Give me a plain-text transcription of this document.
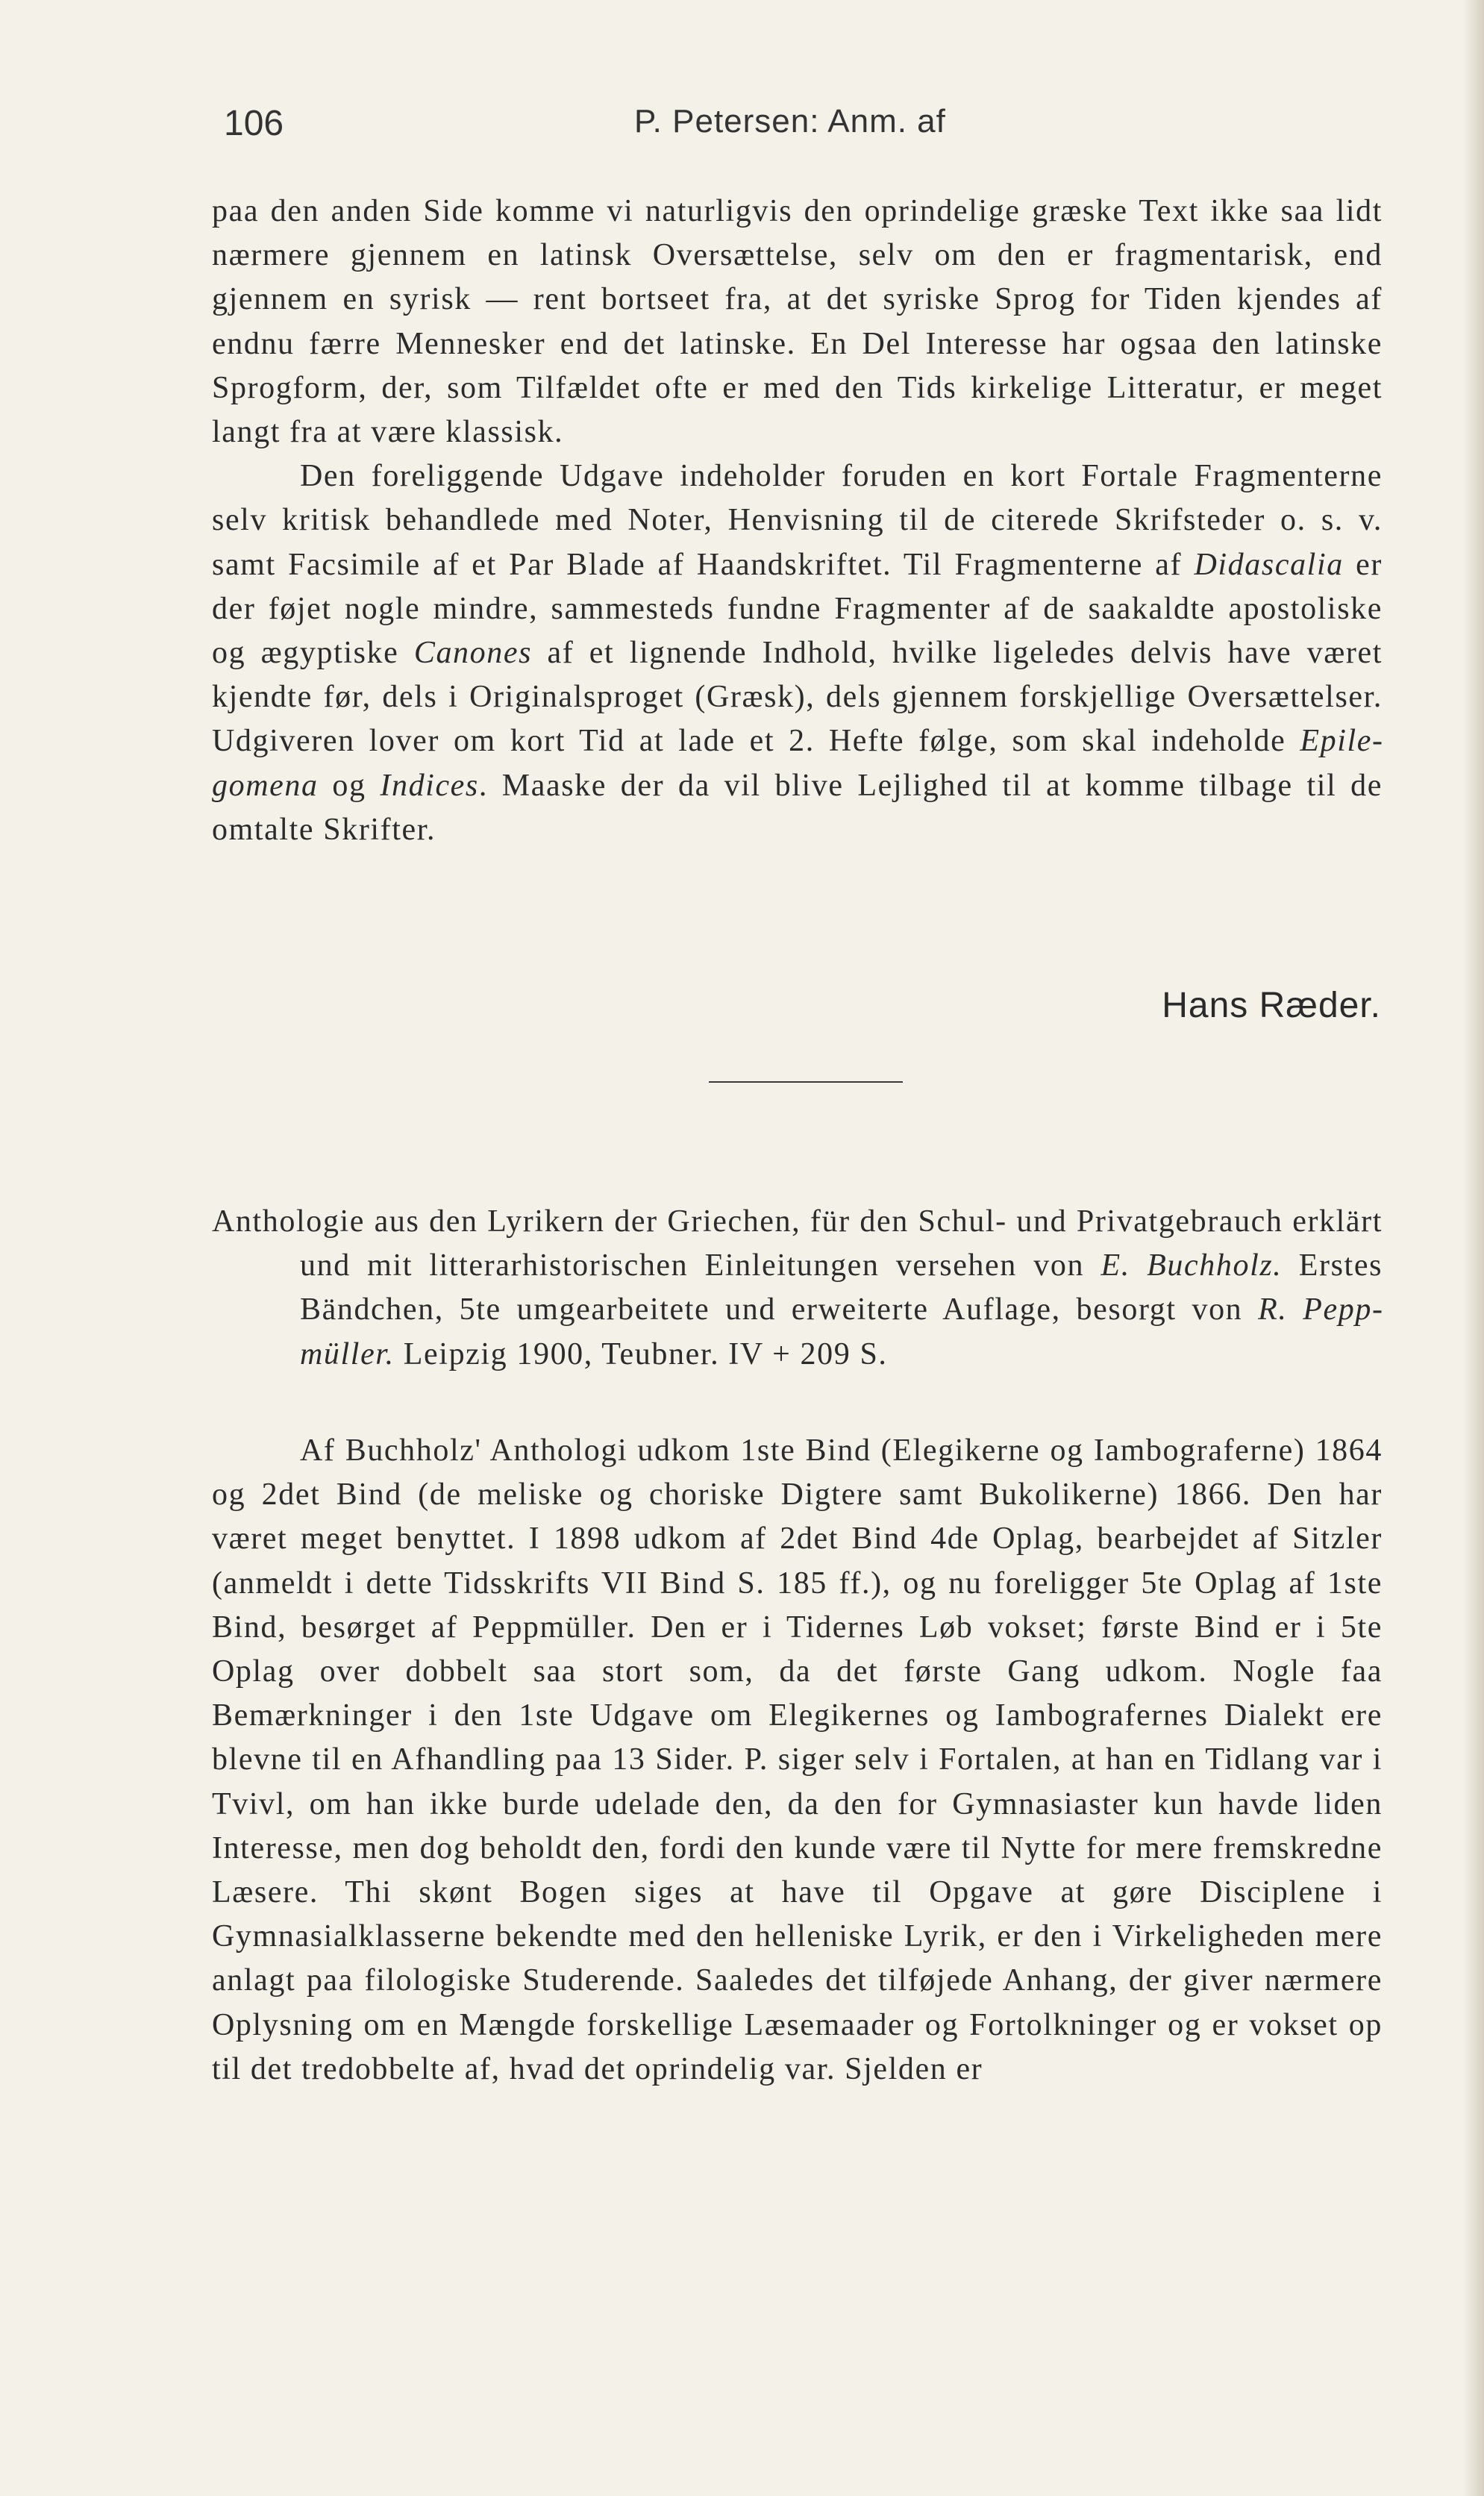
106	P. Petersen: Anm. af

paa den anden Side komme vi naturligvis den oprindelige græske Text ikke saa lidt nærmere gjennem en latinsk Oversættelse, selv om den er fragmentarisk, end gjennem en syrisk — rent bortseet fra, at det syriske Sprog for Tiden kjendes af endnu færre Mennesker end det latinske. En Del Interesse har ogsaa den latinske Sprogform, der, som Tilfældet ofte er med den Tids kirkelige Litteratur, er meget langt fra at være klassisk.

Den foreliggende Udgave indeholder foruden en kort Fortale Fragmenterne selv kritisk behandlede med Noter, Henvisning til de citerede Skrifsteder o. s. v. samt Facsimile af et Par Blade af Haandskriftet. Til Fragmenterne af Didascalia er der føjet nogle mindre, sammesteds fundne Fragmenter af de saakaldte apostoliske og ægyptiske Canones af et lignende Indhold, hvilke ligeledes delvis have været kjendte før, dels i Originalsproget (Græsk), dels gjennem forskjellige Oversættelser. Udgiveren lover om kort Tid at lade et 2. Hefte følge, som skal indeholde Epilegomena og Indices. Maaske der da vil blive Lejlighed til at komme tilbage til de omtalte Skrifter.

Hans Ræder.

Anthologie aus den Lyrikern der Griechen, für den Schul- und Privatgebrauch erklärt und mit litterarhistorischen Einleitungen versehen von E. Buchholz. Erstes Bändchen, 5te umgearbeitete und erweiterte Auflage, besorgt von R. Peppmüller. Leipzig 1900, Teubner. IV + 209 S.

Af Buchholz' Anthologi udkom 1ste Bind (Elegikerne og Iambograferne) 1864 og 2det Bind (de meliske og choriske Digtere samt Bukolikerne) 1866. Den har været meget benyttet. I 1898 udkom af 2det Bind 4de Oplag, bearbejdet af Sitzler (anmeldt i dette Tidsskrifts VII Bind S. 185 ff.), og nu foreligger 5te Oplag af 1ste Bind, besørget af Peppmüller. Den er i Tidernes Løb vokset; første Bind er i 5te Oplag over dobbelt saa stort som, da det første Gang udkom. Nogle faa Bemærkninger i den 1ste Udgave om Elegikernes og Iambografernes Dialekt ere blevne til en Afhandling paa 13 Sider. P. siger selv i Fortalen, at han en Tidlang var i Tvivl, om han ikke burde udelade den, da den for Gymnasiaster kun havde liden Interesse, men dog beholdt den, fordi den kunde være til Nytte for mere fremskredne Læsere. Thi skønt Bogen siges at have til Opgave at gøre Disciplene i Gymnasialklasserne bekendte med den helleniske Lyrik, er den i Virkeligheden mere anlagt paa filologiske Studerende. Saaledes det tilføjede Anhang, der giver nærmere Oplysning om en Mængde forskellige Læsemaader og Fortolkninger og er vokset op til det tredobbelte af, hvad det oprindelig var. Sjelden er
